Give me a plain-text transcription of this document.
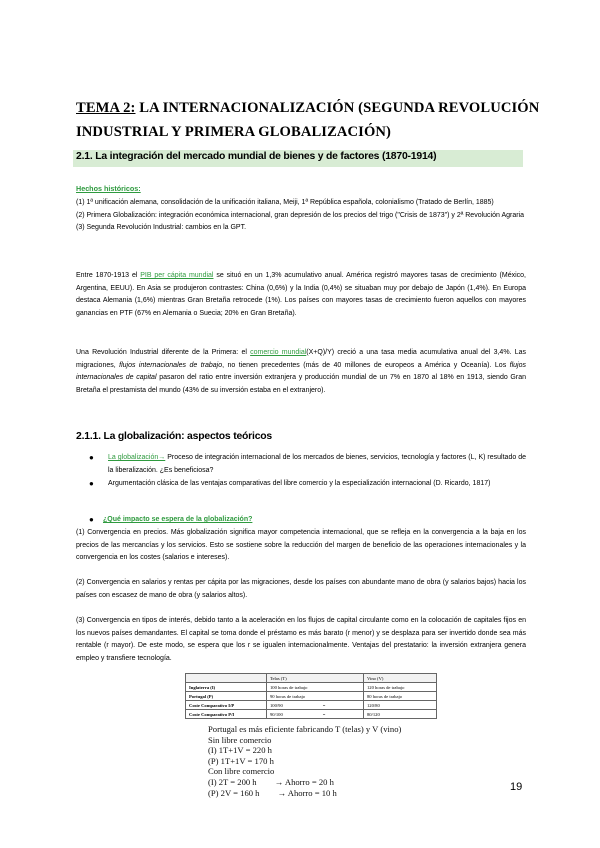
TEMA 2: LA INTERNACIONALIZACIÓN (SEGUNDA REVOLUCIÓN INDUSTRIAL Y PRIMERA GLOBALIZACIÓN)
2.1. La integración del mercado mundial de bienes y de factores (1870-1914)
Hechos históricos:

(1) 1ª unificación alemana, consolidación de la unificación italiana, Meiji, 1ª República española, colonialismo (Tratado de Berlín, 1885)

(2) Primera Globalización: integración económica internacional, gran depresión de los precios del trigo ("Crisis de 1873") y 2ª Revolución Agraria

(3) Segunda Revolución Industrial: cambios en la GPT.

Entre 1870-1913 el PIB per cápita mundial se situó en un 1,3% acumulativo anual. América registró mayores tasas de crecimiento (México, Argentina, EEUU). En Asia se produjeron contrastes: China (0,6%) y la India (0,4%) se situaban muy por debajo de Japón (1,4%). En Europa destaca Alemania (1,6%) mientras Gran Bretaña retrocede (1%). Los países con mayores tasas de crecimiento fueron aquellos con mayores ganancias en PTF (67% en Alemania o Suecia; 20% en Gran Bretaña).

Una Revolución Industrial diferente de la Primera: el comercio mundial(X+Q)/Y) creció a una tasa media acumulativa anual del 3,4%. Las migraciones, flujos internacionales de trabajo, no tienen precedentes (más de 40 millones de europeos a América y Oceanía). Los flujos internacionales de capital pasaron del ratio entre inversión extranjera y producción mundial de un 7% en 1870 al 18% en 1913, siendo Gran Bretaña el prestamista del mundo (43% de su inversión estaba en el extranjero).

2.1.1. La globalización: aspectos teóricos
● La globalización→ Proceso de integración internacional de los mercados de bienes, servicios, tecnología y factores (L, K) resultado de la liberalización. ¿Es beneficiosa?
● Argumentación clásica de las ventajas comparativas del libre comercio y la especialización internacional (D. Ricardo, 1817)
● ¿Qué impacto se espera de la globalización?

(1) Convergencia en precios. Más globalización significa mayor competencia internacional, que se refleja en la convergencia a la baja en los precios de las mercancías y los servicios. Esto se sostiene sobre la reducción del margen de beneficio de las operaciones internacionales y la convergencia en los costes (salarios e intereses).

(2) Convergencia en salarios y rentas per cápita por las migraciones, desde los países con abundante mano de obra (y salarios bajos) hacia los países con escasez de mano de obra (y salarios altos).

(3) Convergencia en tipos de interés, debido tanto a la aceleración en los flujos de capital circulante como en la colocación de capitales fijos en los nuevos países demandantes. El capital se toma donde el préstamo es más barato (r menor) y se desplaza para ser invertido donde sea más rentable (r mayor). De este modo, se espera que los r se igualen internacionalmente. Ventajas del prestatario: la inversión extranjera genera empleo y transfiere tecnología.

	Telas (T)	Vino (V)
Inglaterra (I)	100 horas de trabajo	120 horas de trabajo
Portugal (P)	90 horas de trabajo	80 horas de trabajo
Coste Comparativo I/P	100/90 =	120/80
Coste Comparativo P/I	90/100 =	80/120
Portugal es más eficiente fabricando T (telas) y V (vino)
Sin libre comercio
(I) 1T+1V = 220 h
(P) 1T+1V = 170 h
Con libre comercio
(I) 2T = 200 h → Ahorro = 20 h
(P) 2V = 160 h → Ahorro = 10 h	19
